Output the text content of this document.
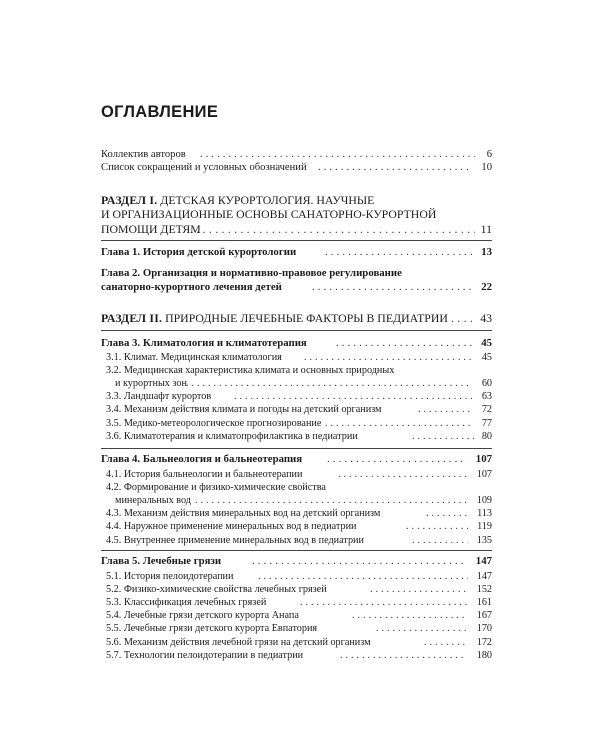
ОГЛАВЛЕНИЕ
Коллектив авторов . . .	6
Список сокращений и условных обозначений . . .	10
РАЗДЕЛ I. ДЕТСКАЯ КУРОРТОЛОГИЯ. НАУЧНЫЕ
И ОРГАНИЗАЦИОННЫЕ ОСНОВЫ САНАТОРНО-КУРОРТНОЙ
ПОМОЩИ ДЕТЯМ . . .	11
Глава 1. История детской курортологии . . .	13
Глава 2. Организация и нормативно-правовое регулирование
санаторно-курортного лечения детей . . .	22
РАЗДЕЛ II. ПРИРОДНЫЕ ЛЕЧЕБНЫЕ ФАКТОРЫ В ПЕДИАТРИИ . . .	43
Глава 3. Климатология и климатотерапия . . .	45
3.1. Климат. Медицинская климатология . . .	45
3.2. Медицинская характеристика климата и основных природных
и курортных зон . . .	60
3.3. Ландшафт курортов . . .	63
3.4. Механизм действия климата и погоды на детский организм . . .	72
3.5. Медико-метеорологическое прогнозирование . . .	77
3.6. Климатотерапия и климатопрофилактика в педиатрии . . .	80
Глава 4. Бальнеология и бальнеотерапия . . .	107
4.1. История бальнеологии и бальнеотерапии . . .	107
4.2. Формирование и физико-химические свойства
минеральных вод . . .	109
4.3. Механизм действия минеральных вод на детский организм . . .	113
4.4. Наружное применение минеральных вод в педиатрии . . .	119
4.5. Внутреннее применение минеральных вод в педиатрии . . .	135
Глава 5. Лечебные грязи . . .	147
5.1. История пелоидотерапии . . .	147
5.2. Физико-химические свойства лечебных грязей . . .	152
5.3. Классификация лечебных грязей . . .	161
5.4. Лечебные грязи детского курорта Анапа . . .	167
5.5. Лечебные грязи детского курорта Евпатория . . .	170
5.6. Механизм действия лечебной грязи на детский организм . . .	172
5.7. Технологии пелоидотерапии в педиатрии . . .	180
